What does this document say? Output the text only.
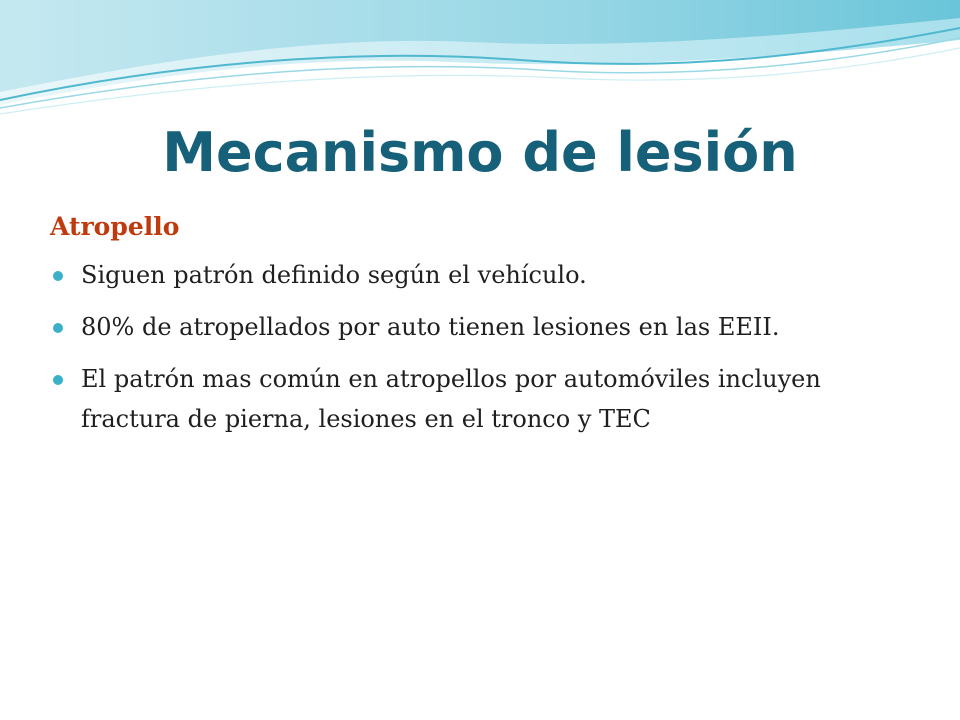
Mecanismo de lesión

Atropello

Siguen patrón definido según el vehículo.
80% de atropellados por auto tienen lesiones en las EEII.
El patrón mas común en atropellos por automóviles incluyen fractura de pierna, lesiones en el tronco y TEC
